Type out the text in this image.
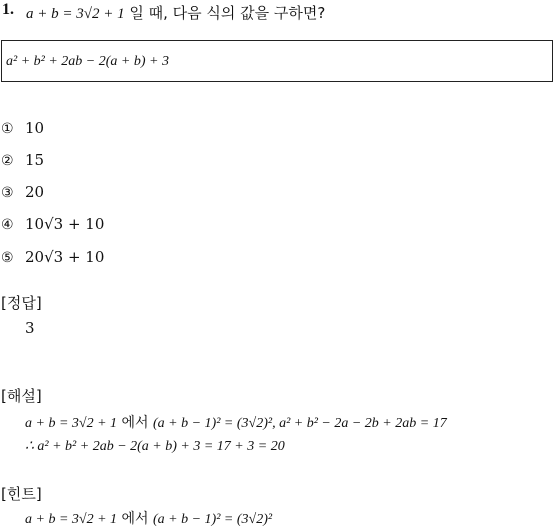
1. a + b = 3√2 + 1 일 때, 다음 식의 값을 구하면?
a² + b² + 2ab − 2(a + b) + 3
① 10
② 15
③ 20
④ 10√3 + 10
⑤ 20√3 + 10
[정답]
3
[해설]
a + b = 3√2 + 1 에서 (a + b − 1)² = (3√2)², a² + b² − 2a − 2b + 2ab = 17
∴ a² + b² + 2ab − 2(a + b) + 3 = 17 + 3 = 20
[힌트]
a + b = 3√2 + 1 에서 (a + b − 1)² = (3√2)²
